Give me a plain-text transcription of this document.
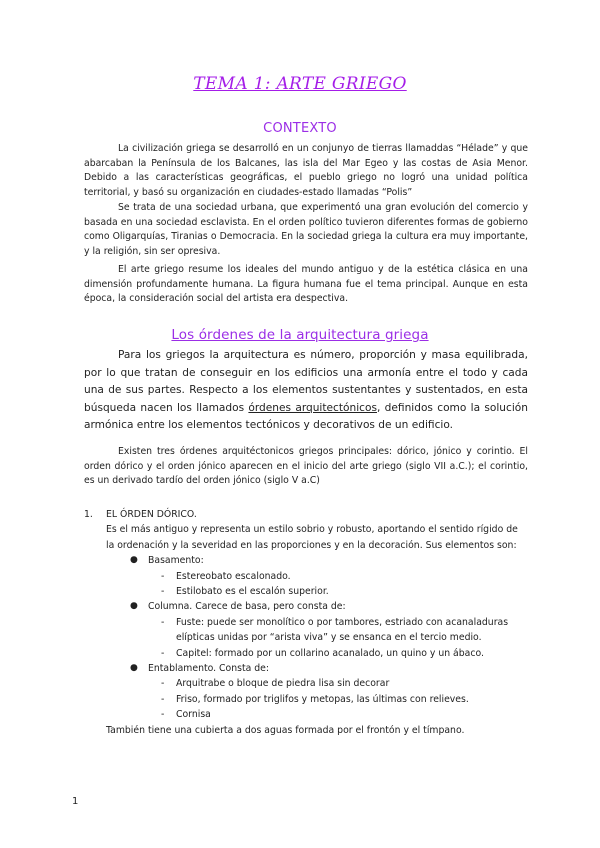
TEMA 1: ARTE GRIEGO
CONTEXTO

La civilización griega se desarrolló en un conjunyo de tierras llamaddas “Hélade” y que abarcaban la Península de los Balcanes, las isla del Mar Egeo y las costas de Asia Menor. Debido a las características geográficas, el pueblo griego no logró una unidad política territorial, y basó su organización en ciudades-estado llamadas “Polis”

Se trata de una sociedad urbana, que experimentó una gran evolución del comercio y basada en una sociedad esclavista. En el orden político tuvieron diferentes formas de gobierno como Oligarquías, Tiranias o Democracia. En la sociedad griega la cultura era muy importante, y la religión, sin ser opresiva.

El arte griego resume los ideales del mundo antiguo y de la estética clásica en una dimensión profundamente humana. La figura humana fue el tema principal. Aunque en esta época, la consideración social del artista era despectiva.

Los órdenes de la arquitectura griega

Para los griegos la arquitectura es número, proporción y masa equilibrada, por lo que tratan de conseguir en los edificios una armonía entre el todo y cada una de sus partes. Respecto a los elementos sustentantes y sustentados, en esta búsqueda nacen los llamados órdenes arquitectónicos, definidos como la solución armónica entre los elementos tectónicos y decorativos de un edificio.

Existen tres órdenes arquitéctonicos griegos principales: dórico, jónico y corintio. El orden dórico y el orden jónico aparecen en el inicio del arte griego (siglo VII a.C.); el corintio, es un derivado tardío del orden jónico (siglo V a.C)

1. EL ÓRDEN DÓRICO.
Es el más antiguo y representa un estilo sobrio y robusto, aportando el sentido rígido de la ordenación y la severidad en las proporciones y en la decoración. Sus elementos son:
● Basamento:
- Estereobato escalonado.
- Estilobato es el escalón superior.
● Columna. Carece de basa, pero consta de:
- Fuste: puede ser monolítico o por tambores, estriado con acanaladuras elípticas unidas por “arista viva” y se ensanca en el tercio medio.
- Capitel: formado por un collarino acanalado, un quino y un ábaco.
● Entablamento. Consta de:
- Arquitrabe o bloque de piedra lisa sin decorar
- Friso, formado por triglifos y metopas, las últimas con relieves.
- Cornisa
También tiene una cubierta a dos aguas formada por el frontón y el tímpano.
1
